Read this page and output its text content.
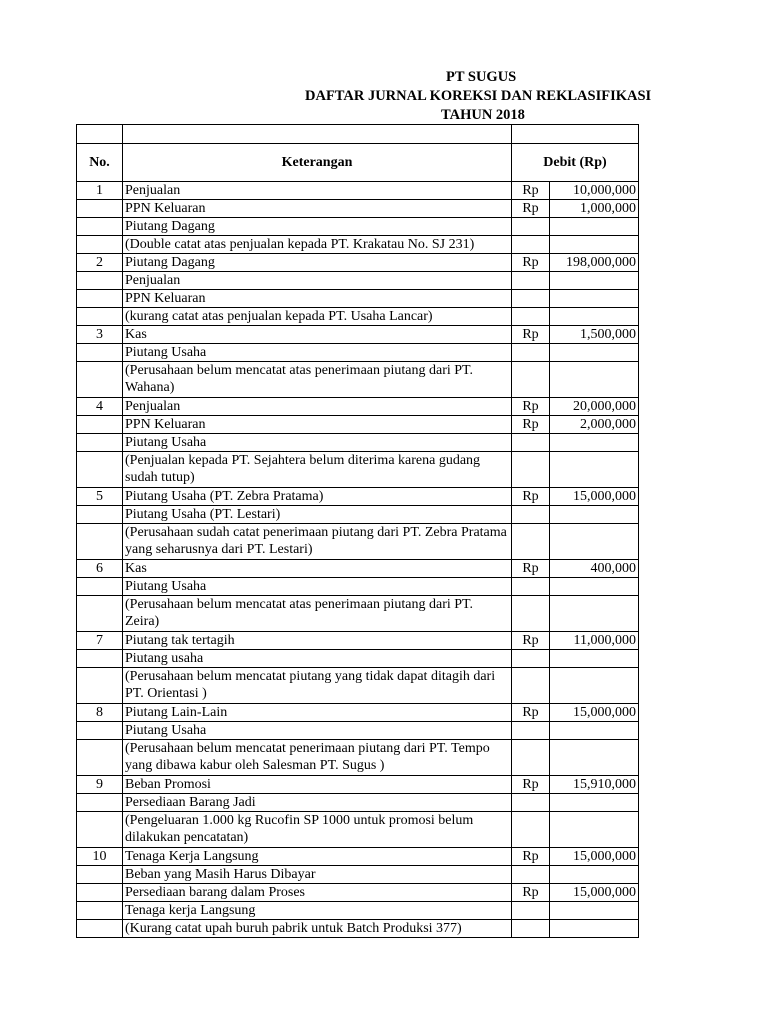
PT SUGUS
DAFTAR JURNAL KOREKSI DAN REKLASIFIKASI
TAHUN 2018

No.	Keterangan	Debit (Rp)	
1	Penjualan	Rp	10,000,000
	PPN Keluaran	Rp	1,000,000
	Piutang Dagang		
	(Double catat atas penjualan kepada PT. Krakatau No. SJ 231)		
2	Piutang Dagang	Rp	198,000,000
	Penjualan		
	PPN Keluaran		
	(kurang catat atas penjualan kepada PT. Usaha Lancar)		
3	Kas	Rp	1,500,000
	Piutang Usaha		
	(Perusahaan belum mencatat atas penerimaan piutang dari PT. Wahana)		
4	Penjualan	Rp	20,000,000
	PPN Keluaran	Rp	2,000,000
	Piutang Usaha		
	(Penjualan kepada PT. Sejahtera belum diterima karena gudang sudah tutup)		
5	Piutang Usaha (PT. Zebra Pratama)	Rp	15,000,000
	Piutang Usaha (PT. Lestari)		
	(Perusahaan sudah catat penerimaan piutang dari PT. Zebra Pratama yang seharusnya dari PT. Lestari)		
6	Kas	Rp	400,000
	Piutang Usaha		
	(Perusahaan belum mencatat atas penerimaan piutang dari PT. Zeira)		
7	Piutang tak tertagih	Rp	11,000,000
	Piutang usaha		
	(Perusahaan belum mencatat piutang yang tidak dapat ditagih dari PT. Orientasi )		
8	Piutang Lain-Lain	Rp	15,000,000
	Piutang Usaha		
	(Perusahaan belum mencatat penerimaan piutang dari PT. Tempo yang dibawa kabur oleh Salesman PT. Sugus )		
9	Beban Promosi	Rp	15,910,000
	Persediaan Barang Jadi		
	(Pengeluaran 1.000 kg Rucofin SP 1000 untuk promosi belum dilakukan pencatatan)		
10	Tenaga Kerja Langsung	Rp	15,000,000
	Beban yang Masih Harus Dibayar		
	Persediaan barang dalam Proses	Rp	15,000,000
	Tenaga kerja Langsung		
	(Kurang catat upah buruh pabrik untuk Batch Produksi 377)		
